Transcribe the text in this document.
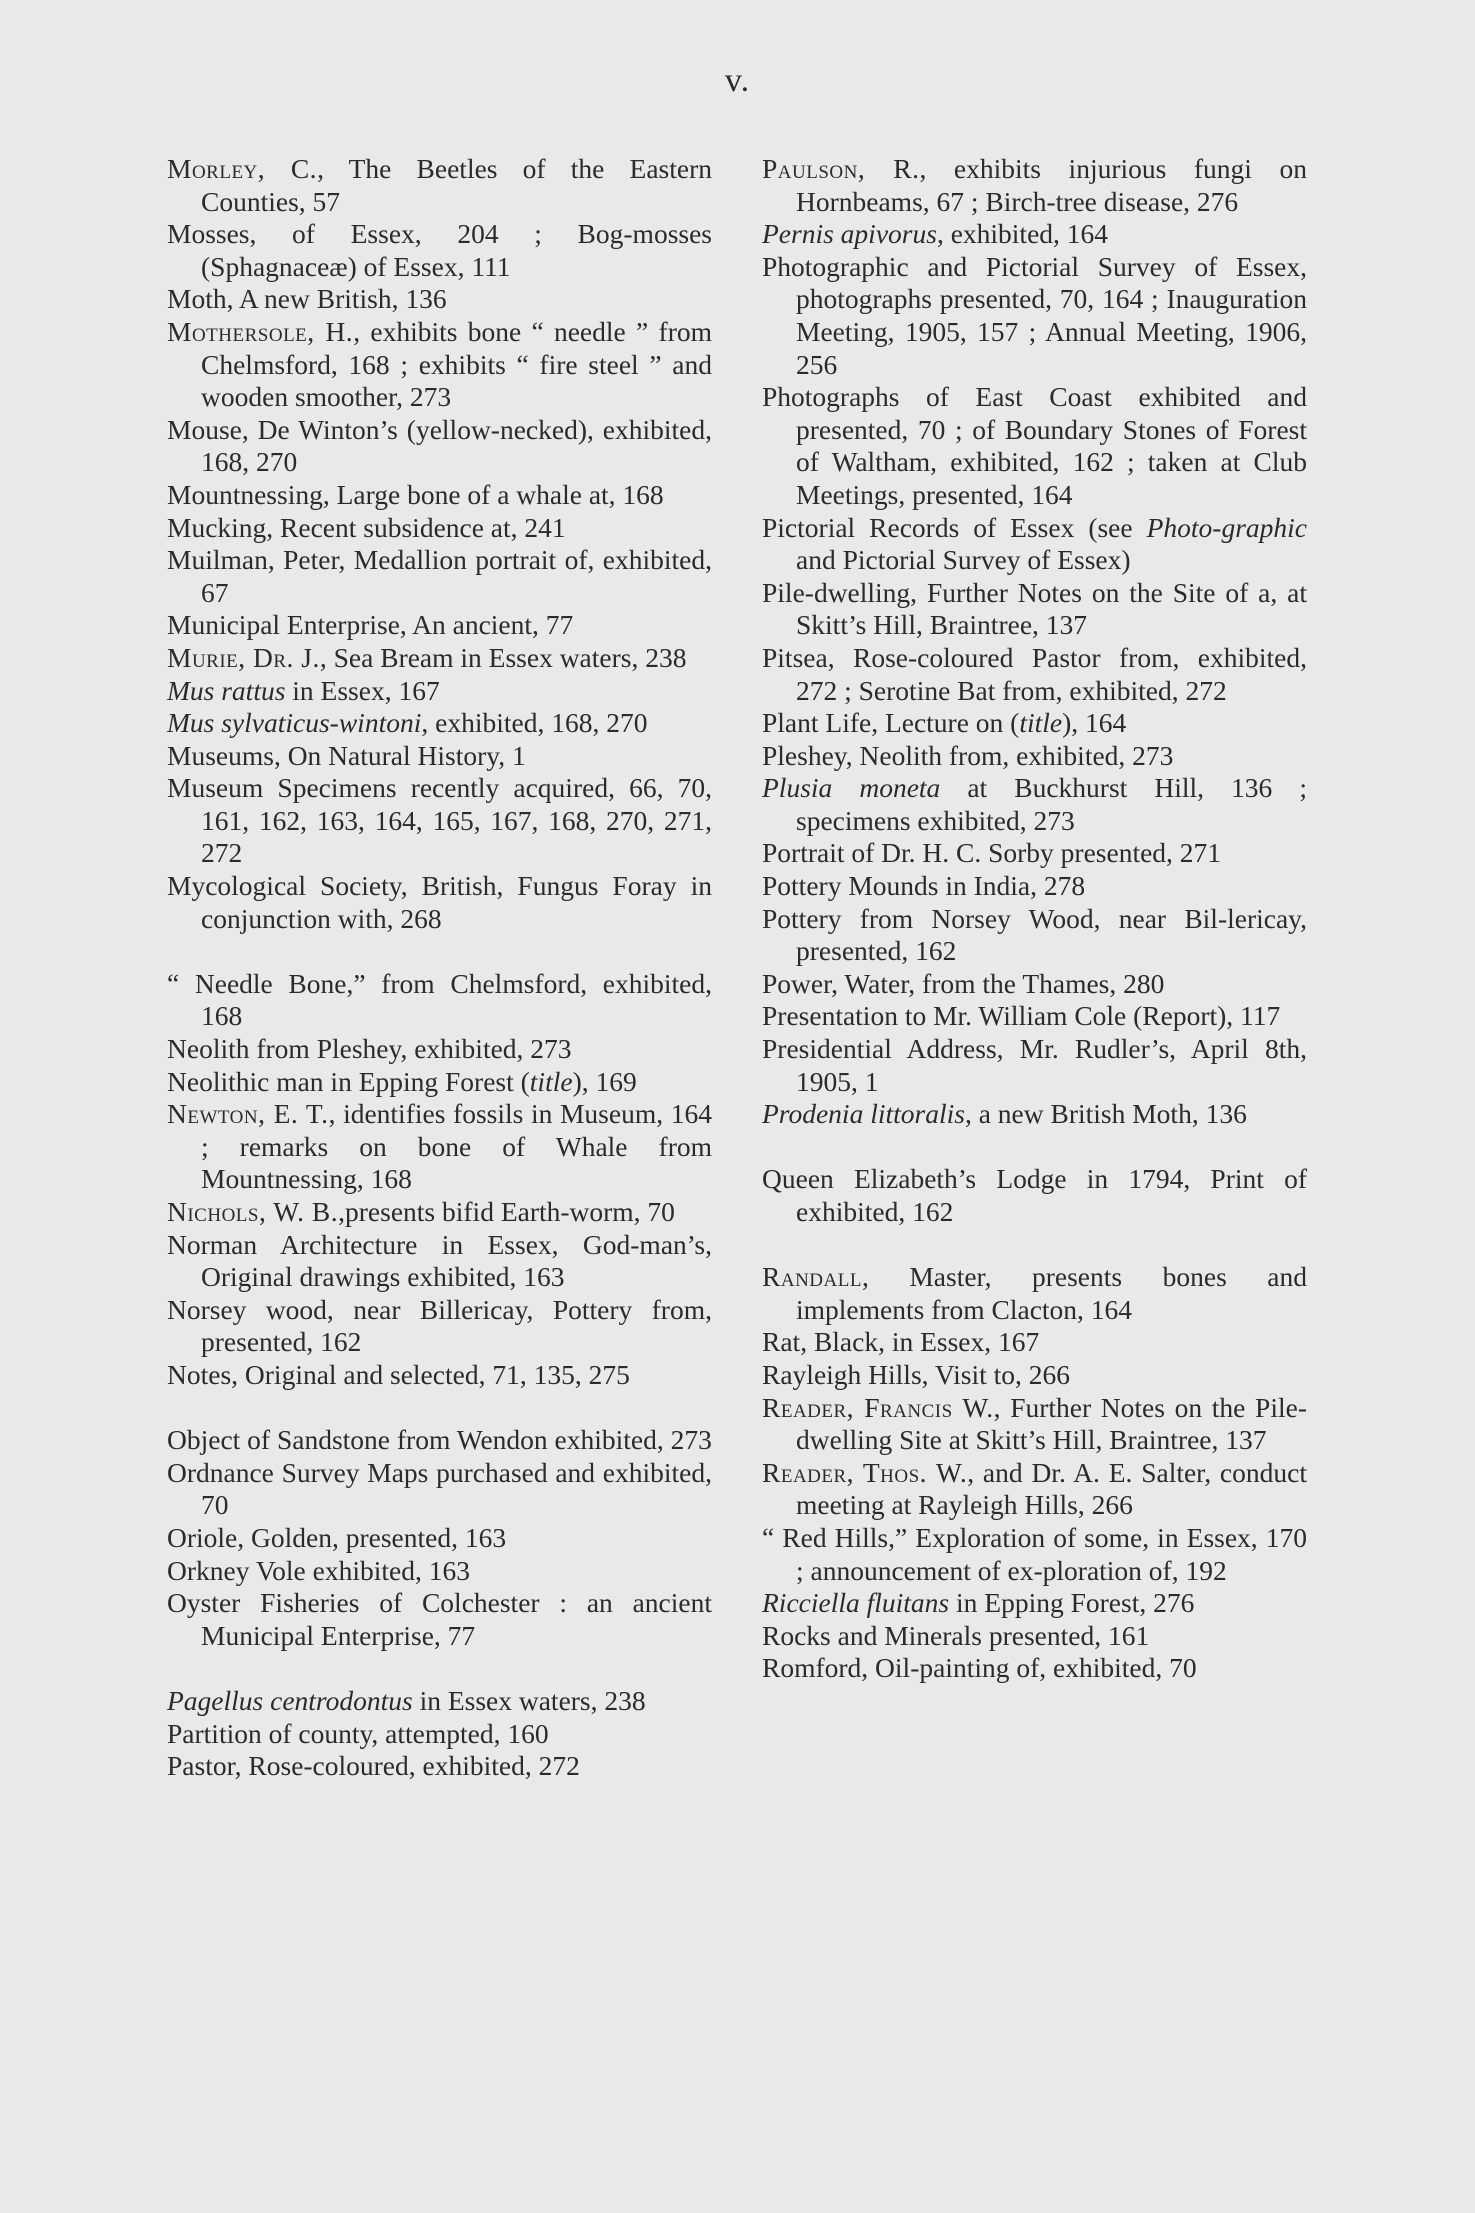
v.
Morley, C., The Beetles of the Eastern Counties, 57
Mosses, of Essex, 204 ; Bog-mosses (Sphagnaceæ) of Essex, 111
Moth, A new British, 136
Mothersole, H., exhibits bone “ needle ” from Chelmsford, 168 ; exhibits “ fire steel ” and wooden smoother, 273
Mouse, De Winton’s (yellow-necked), exhibited, 168, 270
Mountnessing, Large bone of a whale at, 168
Mucking, Recent subsidence at, 241
Muilman, Peter, Medallion portrait of, exhibited, 67
Municipal Enterprise, An ancient, 77
Murie, Dr. J., Sea Bream in Essex waters, 238
Mus rattus in Essex, 167
Mus sylvaticus-wintoni, exhibited, 168, 270
Museums, On Natural History, 1
Museum Specimens recently acquired, 66, 70, 161, 162, 163, 164, 165, 167, 168, 270, 271, 272
Mycological Society, British, Fungus Foray in conjunction with, 268
“ Needle Bone,” from Chelmsford, exhibited, 168
Neolith from Pleshey, exhibited, 273
Neolithic man in Epping Forest (title), 169
Newton, E. T., identifies fossils in Museum, 164 ; remarks on bone of Whale from Mountnessing, 168
Nichols, W. B.,presents bifid Earth-worm, 70
Norman Architecture in Essex, God-man’s, Original drawings exhibited, 163
Norsey wood, near Billericay, Pottery from, presented, 162
Notes, Original and selected, 71, 135, 275
Object of Sandstone from Wendon exhibited, 273
Ordnance Survey Maps purchased and exhibited, 70
Oriole, Golden, presented, 163
Orkney Vole exhibited, 163
Oyster Fisheries of Colchester : an ancient Municipal Enterprise, 77
Pagellus centrodontus in Essex waters, 238
Partition of county, attempted, 160
Pastor, Rose-coloured, exhibited, 272
Paulson, R., exhibits injurious fungi on Hornbeams, 67 ; Birch-tree disease, 276
Pernis apivorus, exhibited, 164
Photographic and Pictorial Survey of Essex, photographs presented, 70, 164 ; Inauguration Meeting, 1905, 157 ; Annual Meeting, 1906, 256
Photographs of East Coast exhibited and presented, 70 ; of Boundary Stones of Forest of Waltham, exhibited, 162 ; taken at Club Meetings, presented, 164
Pictorial Records of Essex (see Photo-graphic and Pictorial Survey of Essex)
Pile-dwelling, Further Notes on the Site of a, at Skitt’s Hill, Braintree, 137
Pitsea, Rose-coloured Pastor from, exhibited, 272 ; Serotine Bat from, exhibited, 272
Plant Life, Lecture on (title), 164
Pleshey, Neolith from, exhibited, 273
Plusia moneta at Buckhurst Hill, 136 ; specimens exhibited, 273
Portrait of Dr. H. C. Sorby presented, 271
Pottery Mounds in India, 278
Pottery from Norsey Wood, near Bil-lericay, presented, 162
Power, Water, from the Thames, 280
Presentation to Mr. William Cole (Report), 117
Presidential Address, Mr. Rudler’s, April 8th, 1905, 1
Prodenia littoralis, a new British Moth, 136
Queen Elizabeth’s Lodge in 1794, Print of exhibited, 162
Randall, Master, presents bones and implements from Clacton, 164
Rat, Black, in Essex, 167
Rayleigh Hills, Visit to, 266
Reader, Francis W., Further Notes on the Pile-dwelling Site at Skitt’s Hill, Braintree, 137
Reader, Thos. W., and Dr. A. E. Salter, conduct meeting at Rayleigh Hills, 266
“ Red Hills,” Exploration of some, in Essex, 170 ; announcement of ex-ploration of, 192
Ricciella fluitans in Epping Forest, 276
Rocks and Minerals presented, 161
Romford, Oil-painting of, exhibited, 70
